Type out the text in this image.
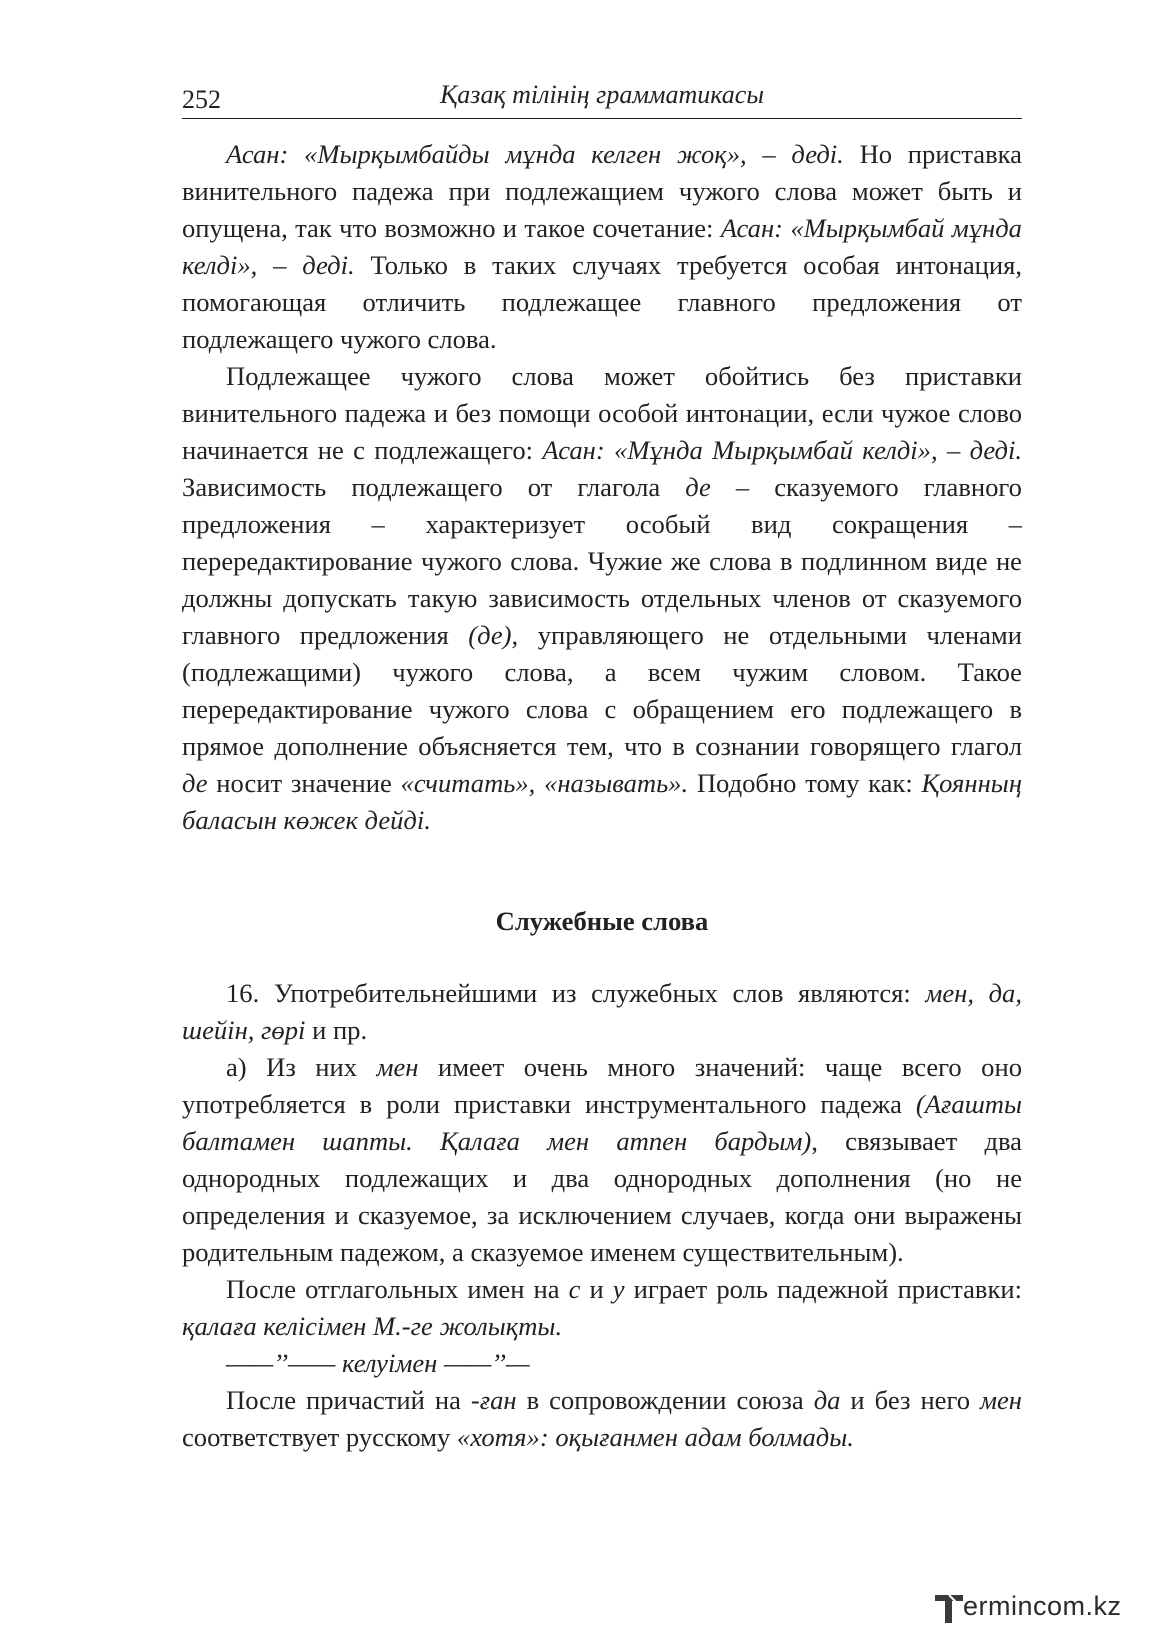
252	Қазақ тілінің грамматикасы

Асан: «Мырқымбайды мұнда келген жоқ», – деді. Но приставка винительного падежа при подлежащием чужого слова может быть и опущена, так что возможно и такое сочетание: Асан: «Мырқымбай мұнда келді», – деді. Только в таких случаях требуется особая интонация, помогающая отличить подлежащее главного предложения от подлежащего чужого слова.

Подлежащее чужого слова может обойтись без приставки винительного падежа и без помощи особой интонации, если чужое слово начинается не с подлежащего: Асан: «Мұнда Мырқымбай келді», – деді. Зависимость подлежащего от глагола де – сказуемого главного предложения – характеризует особый вид сокращения – перередактирование чужого слова. Чужие же слова в подлинном виде не должны допускать такую зависимость отдельных членов от сказуемого главного предложения (де), управляющего не отдельными членами (подлежащими) чужого слова, а всем чужим словом. Такое перередактирование чужого слова с обращением его подлежащего в прямое дополнение объясняется тем, что в сознании говорящего глагол де носит значение «считать», «называть». Подобно тому как: Қоянның баласын көжек дейді.

Служебные слова

16. Употребительнейшими из служебных слов являются: мен, да, шейін, гөрі и пр.

а) Из них мен имеет очень много значений: чаще всего оно употребляется в роли приставки инструментального падежа (Ағашты балтамен шапты. Қалаға мен атпен бардым), связывает два однородных подлежащих и два однородных дополнения (но не определения и сказуемое, за исключением случаев, когда они выражены родительным падежом, а сказуемое именем существительным).

После отглагольных имен на с и у играет роль падежной приставки: қалаға келісімен М.-ге жолықты.

——’’—— келуімен ——’’—

После причастий на -ған в сопровождении союза да и без него мен соответствует русскому «хотя»: оқығанмен адам болмады.

ermincom.kz
